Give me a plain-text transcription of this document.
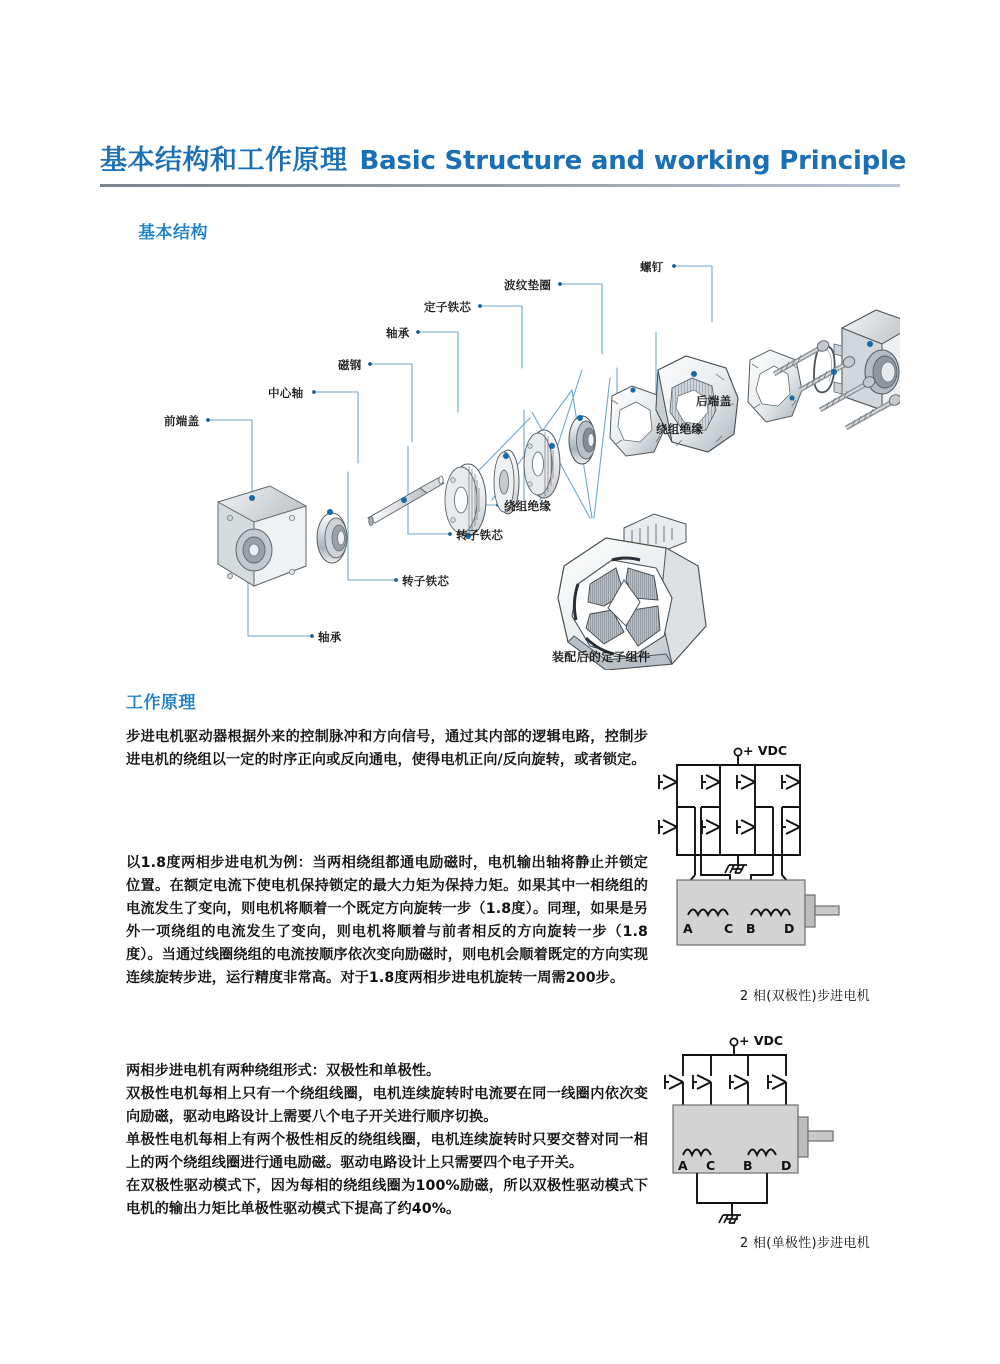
基本结构和工作原理 Basic Structure and working Principle
基本结构
工作原理
前端盖
中心轴
磁钢
轴承
定子铁芯
波纹垫圈
螺钉
后端盖
绕组绝缘
绕组绝缘
转子铁芯
转子铁芯
轴承
装配后的定子组件

步进电机驱动器根据外来的控制脉冲和方向信号，通过其内部的逻辑电路，控制步进电机的绕组以一定的时序正向或反向通电，使得电机正向/反向旋转，或者锁定。

以1.8度两相步进电机为例：当两相绕组都通电励磁时，电机输出轴将静止并锁定位置。在额定电流下使电机保持锁定的最大力矩为保持力矩。如果其中一相绕组的电流发生了变向，则电机将顺着一个既定方向旋转一步（1.8度）。同理，如果是另外一项绕组的电流发生了变向，则电机将顺着与前者相反的方向旋转一步（1.8度）。当通过线圈绕组的电流按顺序依次变向励磁时，则电机会顺着既定的方向实现连续旋转步进，运行精度非常高。对于1.8度两相步进电机旋转一周需200步。

两相步进电机有两种绕组形式：双极性和单极性。

双极性电机每相上只有一个绕组线圈，电机连续旋转时电流要在同一线圈内依次变向励磁，驱动电路设计上需要八个电子开关进行顺序切换。

单极性电机每相上有两个极性相反的绕组线圈，电机连续旋转时只要交替对同一相上的两个绕组线圈进行通电励磁。驱动电路设计上只需要四个电子开关。

在双极性驱动模式下，因为每相的绕组线圈为100%励磁，所以双极性驱动模式下电机的输出力矩比单极性驱动模式下提高了约40%。

A	C B D
+ VDC
2 相(双极性)步进电机
A C B D
+ VDC
2 相(单极性)步进电机
